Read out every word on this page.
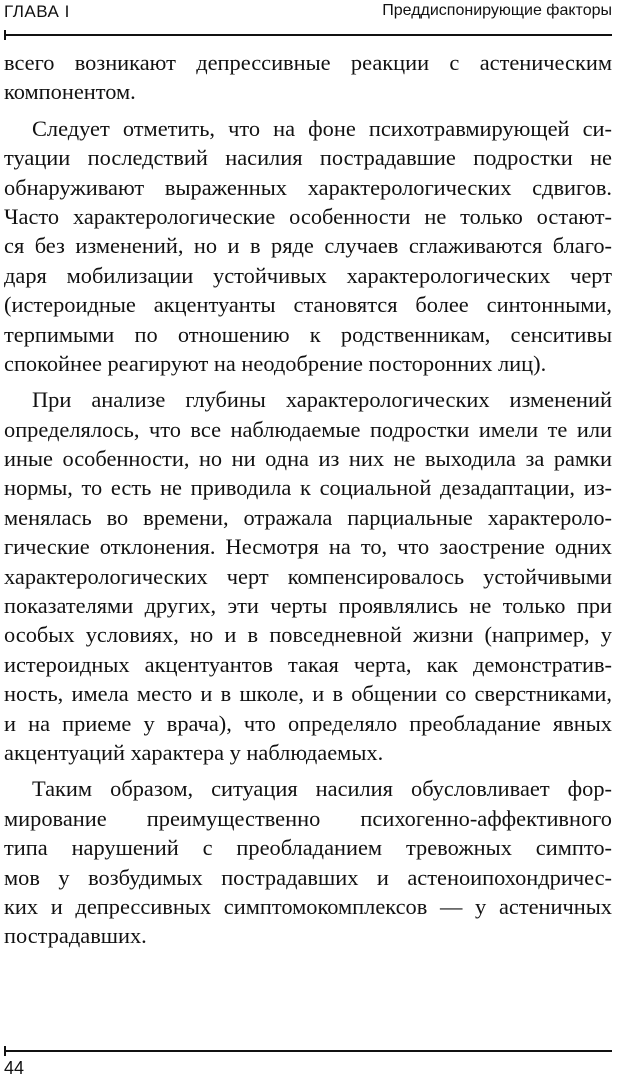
ГЛАВА I	Преддиспонирующие факторы
всего возникают депрессивные реакции с астеническим
компонентом.
Следует отметить, что на фоне психотравмирующей си-
туации последствий насилия пострадавшие подростки не
обнаруживают выраженных характерологических сдвигов.
Часто характерологические особенности не только остают-
ся без изменений, но и в ряде случаев сглаживаются благо-
даря мобилизации устойчивых характерологических черт
(истероидные акцентуанты становятся более синтонными,
терпимыми по отношению к родственникам, сенситивы
спокойнее реагируют на неодобрение посторонних лиц).
При анализе глубины характерологических изменений
определялось, что все наблюдаемые подростки имели те или
иные особенности, но ни одна из них не выходила за рамки
нормы, то есть не приводила к социальной дезадаптации, из-
менялась во времени, отражала парциальные характероло-
гические отклонения. Несмотря на то, что заострение одних
характерологических черт компенсировалось устойчивыми
показателями других, эти черты проявлялись не только при
особых условиях, но и в повседневной жизни (например, у
истероидных акцентуантов такая черта, как демонстратив-
ность, имела место и в школе, и в общении со сверстниками,
и на приеме у врача), что определяло преобладание явных
акцентуаций характера у наблюдаемых.
Таким образом, ситуация насилия обусловливает фор-
мирование преимущественно психогенно-аффективного
типа нарушений с преобладанием тревожных симпто-
мов у возбудимых пострадавших и астеноипохондричес-
ких и депрессивных симптомокомплексов — у астеничных
пострадавших.
44
